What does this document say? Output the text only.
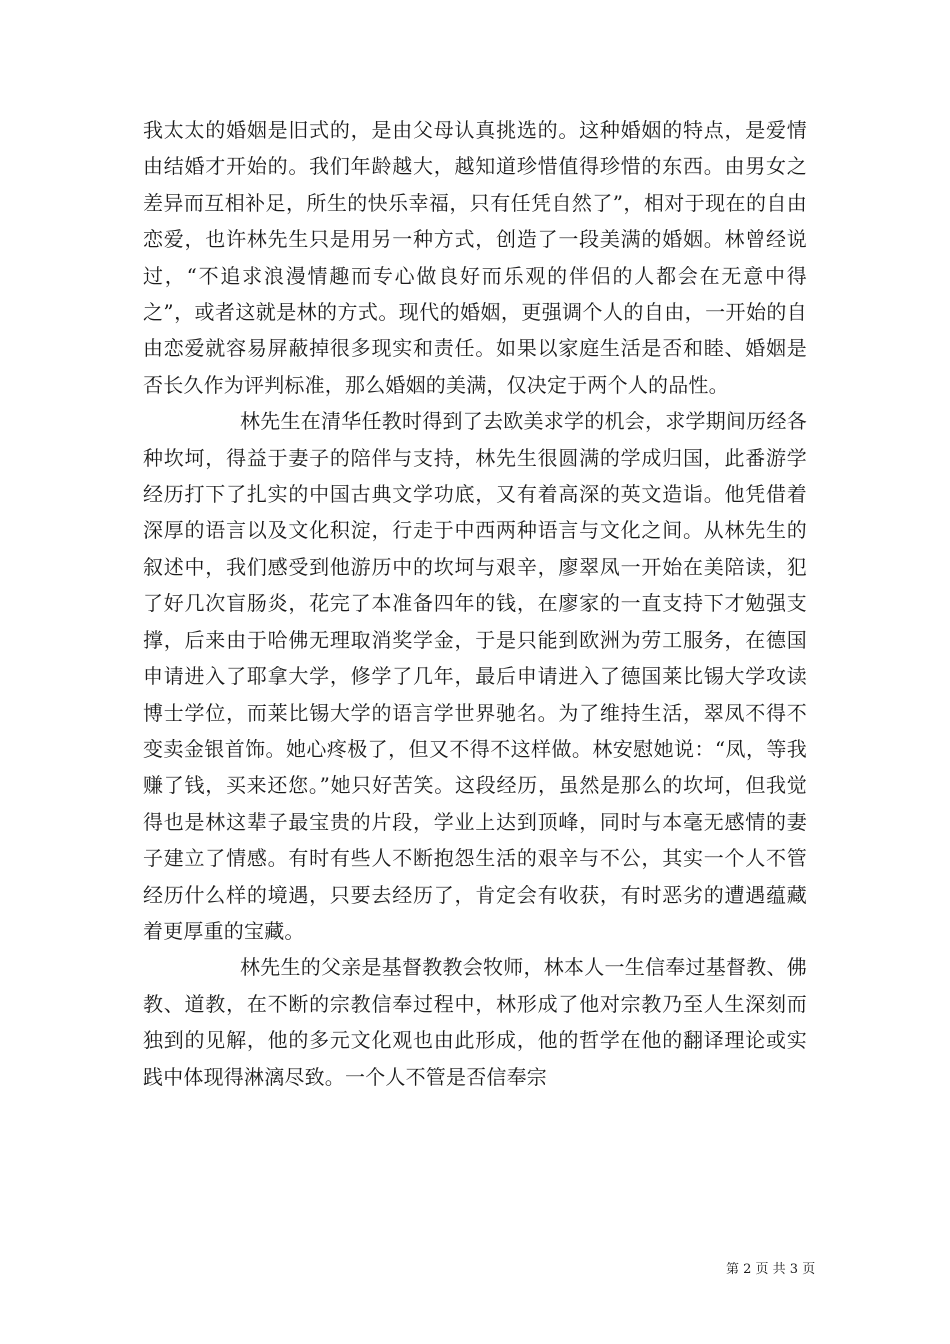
我太太的婚姻是旧式的，是由父母认真挑选的。这种婚姻的特点，是爱情由结婚才开始的。我们年龄越大，越知道珍惜值得珍惜的东西。由男女之差异而互相补足，所生的快乐幸福，只有任凭自然了”，相对于现在的自由恋爱，也许林先生只是用另一种方式，创造了一段美满的婚姻。林曾经说过，“不追求浪漫情趣而专心做良好而乐观的伴侣的人都会在无意中得之”，或者这就是林的方式。现代的婚姻，更强调个人的自由，一开始的自由恋爱就容易屏蔽掉很多现实和责任。如果以家庭生活是否和睦、婚姻是否长久作为评判标准，那么婚姻的美满，仅决定于两个人的品性。

林先生在清华任教时得到了去欧美求学的机会，求学期间历经各种坎坷，得益于妻子的陪伴与支持，林先生很圆满的学成归国，此番游学经历打下了扎实的中国古典文学功底，又有着高深的英文造诣。他凭借着深厚的语言以及文化积淀，行走于中西两种语言与文化之间。从林先生的叙述中，我们感受到他游历中的坎坷与艰辛，廖翠凤一开始在美陪读，犯了好几次盲肠炎，花完了本准备四年的钱，在廖家的一直支持下才勉强支撑，后来由于哈佛无理取消奖学金，于是只能到欧洲为劳工服务，在德国申请进入了耶拿大学，修学了几年，最后申请进入了德国莱比锡大学攻读博士学位，而莱比锡大学的语言学世界驰名。为了维持生活，翠凤不得不变卖金银首饰。她心疼极了，但又不得不这样做。林安慰她说：“凤，等我赚了钱，买来还您。”她只好苦笑。这段经历，虽然是那么的坎坷，但我觉得也是林这辈子最宝贵的片段，学业上达到顶峰，同时与本毫无感情的妻子建立了情感。有时有些人不断抱怨生活的艰辛与不公，其实一个人不管经历什么样的境遇，只要去经历了，肯定会有收获，有时恶劣的遭遇蕴藏着更厚重的宝藏。

林先生的父亲是基督教教会牧师，林本人一生信奉过基督教、佛教、道教，在不断的宗教信奉过程中，林形成了他对宗教乃至人生深刻而独到的见解，他的多元文化观也由此形成，他的哲学在他的翻译理论或实践中体现得淋漓尽致。一个人不管是否信奉宗

第 2 页 共 3 页
